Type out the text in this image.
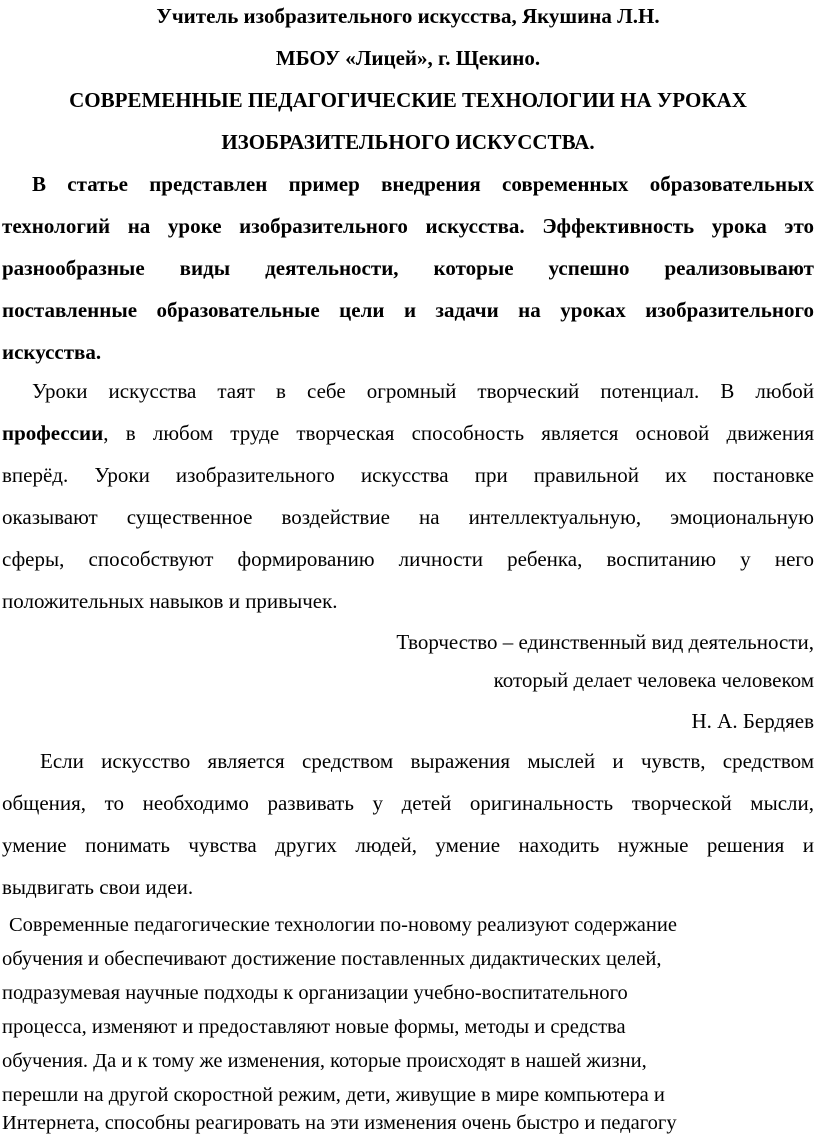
Учитель изобразительного искусства, Якушина Л.Н.
МБОУ «Лицей», г. Щекино.
СОВРЕМЕННЫЕ ПЕДАГОГИЧЕСКИЕ ТЕХНОЛОГИИ НА УРОКАХ
ИЗОБРАЗИТЕЛЬНОГО ИСКУССТВА.
В статье представлен пример внедрения современных образовательных
технологий на уроке изобразительного искусства. Эффективность урока это
разнообразные виды деятельности, которые успешно реализовывают
поставленные образовательные цели и задачи на уроках изобразительного
искусства.
Уроки искусства таят в себе огромный творческий потенциал. В любой
профессии, в любом труде творческая способность является основой движения
вперёд. Уроки изобразительного искусства при правильной их постановке
оказывают существенное воздействие на интеллектуальную, эмоциональную
сферы, способствуют формированию личности ребенка, воспитанию у него
положительных навыков и привычек.
Творчество – единственный вид деятельности,
который делает человека человеком
Н. А. Бердяев
Если искусство является средством выражения мыслей и чувств, средством
общения, то необходимо развивать у детей оригинальность творческой мысли,
умение понимать чувства других людей, умение находить нужные решения и
выдвигать свои идеи.
Современные педагогические технологии по-новому реализуют содержание
обучения и обеспечивают достижение поставленных дидактических целей,
подразумевая научные подходы к организации учебно-воспитательного
процесса, изменяют и предоставляют новые формы, методы и средства
обучения. Да и к тому же изменения, которые происходят в нашей жизни,
перешли на другой скоростной режим, дети, живущие в мире компьютера и
Интернета, способны реагировать на эти изменения очень быстро и педагогу
